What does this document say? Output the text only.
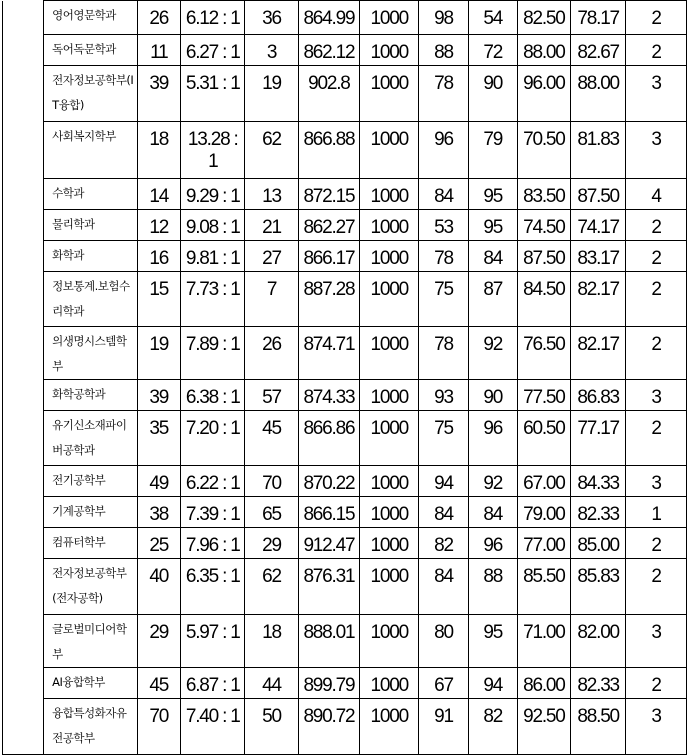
	영어영문학과	26	6.12 : 1	36	864.99	1000	98	54	82.50	78.17	2
	독어독문학과	11	6.27 : 1	3	862.12	1000	88	72	88.00	82.67	2
	전자정보공학부(IT융합)	39	5.31 : 1	19	902.8	1000	78	90	96.00	88.00	3
	사회복지학부	18	13.28 : 1	62	866.88	1000	96	79	70.50	81.83	3
	수학과	14	9.29 : 1	13	872.15	1000	84	95	83.50	87.50	4
	물리학과	12	9.08 : 1	21	862.27	1000	53	95	74.50	74.17	2
	화학과	16	9.81 : 1	27	866.17	1000	78	84	87.50	83.17	2
	정보통계.보험수리학과	15	7.73 : 1	7	887.28	1000	75	87	84.50	82.17	2
	의생명시스템학부	19	7.89 : 1	26	874.71	1000	78	92	76.50	82.17	2
	화학공학과	39	6.38 : 1	57	874.33	1000	93	90	77.50	86.83	3
	유기신소재파이버공학과	35	7.20 : 1	45	866.86	1000	75	96	60.50	77.17	2
	전기공학부	49	6.22 : 1	70	870.22	1000	94	92	67.00	84.33	3
	기계공학부	38	7.39 : 1	65	866.15	1000	84	84	79.00	82.33	1
	컴퓨터학부	25	7.96 : 1	29	912.47	1000	82	96	77.00	85.00	2
	전자정보공학부(전자공학)	40	6.35 : 1	62	876.31	1000	84	88	85.50	85.83	2
	글로벌미디어학부	29	5.97 : 1	18	888.01	1000	80	95	71.00	82.00	3
	AI융합학부	45	6.87 : 1	44	899.79	1000	67	94	86.00	82.33	2
	융합특성화자유전공학부	70	7.40 : 1	50	890.72	1000	91	82	92.50	88.50	3
